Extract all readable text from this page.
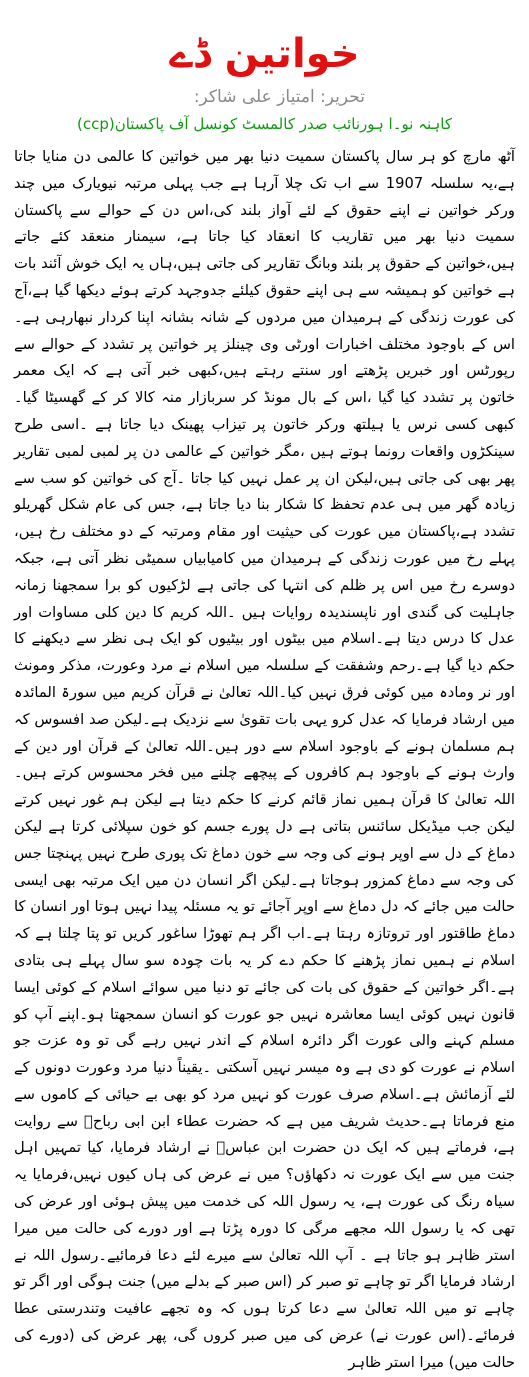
خواتین ڈے
تحریر: امتیاز علی شاکر:
کاہنہ نو۔ا ہورنائب صدر کالمسٹ کونسل آف پاکستان(ccp)
آٹھ مارچ کو ہر سال پاکستان سمیت دنیا بھر میں خواتین کا عالمی دن منایا جاتا ہے،یہ سلسلہ 1907 سے اب تک چلا آرہا ہے جب پہلی مرتبہ نیویارک میں چند ورکر خواتین نے اپنے حقوق کے لئے آواز بلند کی،اس دن کے حوالے سے پاکستان سمیت دنیا بھر میں تقاریب کا انعقاد کیا جاتا ہے، سیمنار منعقد کئے جاتے ہیں،خواتین کے حقوق پر بلند وبانگ تقاریر کی جاتی ہیں،ہاں یہ ایک خوش آئند بات ہے خواتین کو ہمیشہ سے ہی اپنے حقوق کیلئے جدوجہد کرتے ہوئے دیکھا گیا ہے،آج کی عورت زندگی کے ہرمیدان میں مردوں کے شانہ بشانہ اپنا کردار نبھارہی ہے۔اس کے باوجود مختلف اخبارات اورٹی وی چینلز پر خواتین پر تشدد کے حوالے سے رپورٹس اور خبریں پڑھتے اور سنتے رہتے ہیں،کبھی خبر آتی ہے کہ ایک معمر خاتون پر تشدد کیا گیا ،اس کے بال مونڈ کر سربازار منہ کالا کر کے گھسیٹا گیا۔کبھی کسی نرس یا ہیلتھ ورکر خاتون پر تیزاب پھینک دیا جاتا ہے ۔اسی طرح سینکڑوں واقعات رونما ہوتے ہیں ،مگر خواتین کے عالمی دن پر لمبی لمبی تقاریر پھر بھی کی جاتی ہیں،لیکن ان پر عمل نہیں کیا جاتا ۔آج کی خواتین کو سب سے زیادہ گھر میں ہی عدم تحفظ کا شکار بنا دیا جاتا ہے، جس کی عام شکل گھریلو تشدد ہے،پاکستان میں عورت کی حیثیت اور مقام ومرتبہ کے دو مختلف رخ ہیں، پہلے رخ میں عورت زندگی کے ہرمیدان میں کامیابیاں سمیٹی نظر آتی ہے، جبکہ دوسرے رخ میں اس پر ظلم کی انتہا کی جاتی ہے لڑکیوں کو برا سمجھنا زمانہ جاہلیت کی گندی اور ناپسندیدہ روایات ہیں ۔اللہ کریم کا دین کلی مساوات اور عدل کا درس دیتا ہے۔اسلام میں بیٹوں اور بیٹیوں کو ایک ہی نظر سے دیکھنے کا حکم دیا گیا ہے۔رحم وشفقت کے سلسلہ میں اسلام نے مرد وعورت، مذکر ومونث اور نر ومادہ میں کوئی فرق نہیں کیا۔اللہ تعالیٰ نے قرآن کریم میں سورۃ المائدہ میں ارشاد فرمایا کہ عدل کرو یہی بات تقویٰ سے نزدیک ہے۔لیکن صد افسوس کہ ہم مسلمان ہونے کے باوجود اسلام سے دور ہیں۔اللہ تعالیٰ کے قرآن اور دین کے وارث ہونے کے باوجود ہم کافروں کے پیچھے چلنے میں فخر محسوس کرتے ہیں۔اللہ تعالیٰ کا قرآن ہمیں نماز قائم کرنے کا حکم دیتا ہے لیکن ہم غور نہیں کرتے لیکن جب میڈیکل سائنس بتاتی ہے دل پورے جسم کو خون سپلائی کرتا ہے لیکن دماغ کے دل سے اوپر ہونے کی وجہ سے خون دماغ تک پوری طرح نہیں پہنچتا جس کی وجہ سے دماغ کمزور ہوجاتا ہے۔لیکن اگر انسان دن میں ایک مرتبہ بھی ایسی حالت میں جائے کہ دل دماغ سے اوپر آجائے تو یہ مسئلہ پیدا نہیں ہوتا اور انسان کا دماغ طاقتور اور تروتازہ رہتا ہے۔اب اگر ہم تھوڑا ساغور کریں تو پتا چلتا ہے کہ اسلام نے ہمیں نماز پڑھنے کا حکم دے کر یہ بات چودہ سو سال پہلے ہی بتادی ہے۔اگر خواتین کے حقوق کی بات کی جائے تو دنیا میں سوائے اسلام کے کوئی ایسا قانون نہیں کوئی ایسا معاشرہ نہیں جو عورت کو انسان سمجھتا ہو۔اپنے آپ کو مسلم کہنے والی عورت اگر دائرہ اسلام کے اندر نہیں رہے گی تو وہ عزت جو اسلام نے عورت کو دی ہے وہ میسر نہیں آسکتی ۔یقیناً دنیا مرد وعورت دونوں کے لئے آزمائش ہے۔اسلام صرف عورت کو نہیں مرد کو بھی بے حیائی کے کاموں سے منع فرماتا ہے۔حدیث شریف میں ہے کہ حضرت عطاء ابن ابی رباحؒ سے روایت ہے، فرماتے ہیں کہ ایک دن حضرت ابن عباسؓ نے ارشاد فرمایا، کیا تمہیں اہل جنت میں سے ایک عورت نہ دکھاؤں؟ میں نے عرض کی ہاں کیوں نہیں،فرمایا یہ سیاہ رنگ کی عورت ہے، یہ رسول اللہ کی خدمت میں پیش ہوئی اور عرض کی تھی کہ یا رسول اللہ مجھے مرگی کا دورہ پڑتا ہے اور دورے کی حالت میں میرا استر ظاہر ہو جاتا ہے ۔ آپ اللہ تعالیٰ سے میرے لئے دعا فرمائیے۔رسول اللہ نے ارشاد فرمایا اگر تو چاہے تو صبر کر (اس صبر کے بدلے میں) جنت ہوگی اور اگر تو چاہے تو میں اللہ تعالیٰ سے دعا کرتا ہوں کہ وہ تجھے عافیت وتندرستی عطا فرمائے۔(اس عورت نے) عرض کی میں صبر کروں گی، پھر عرض کی (دورے کی حالت میں) میرا استر ظاہر
